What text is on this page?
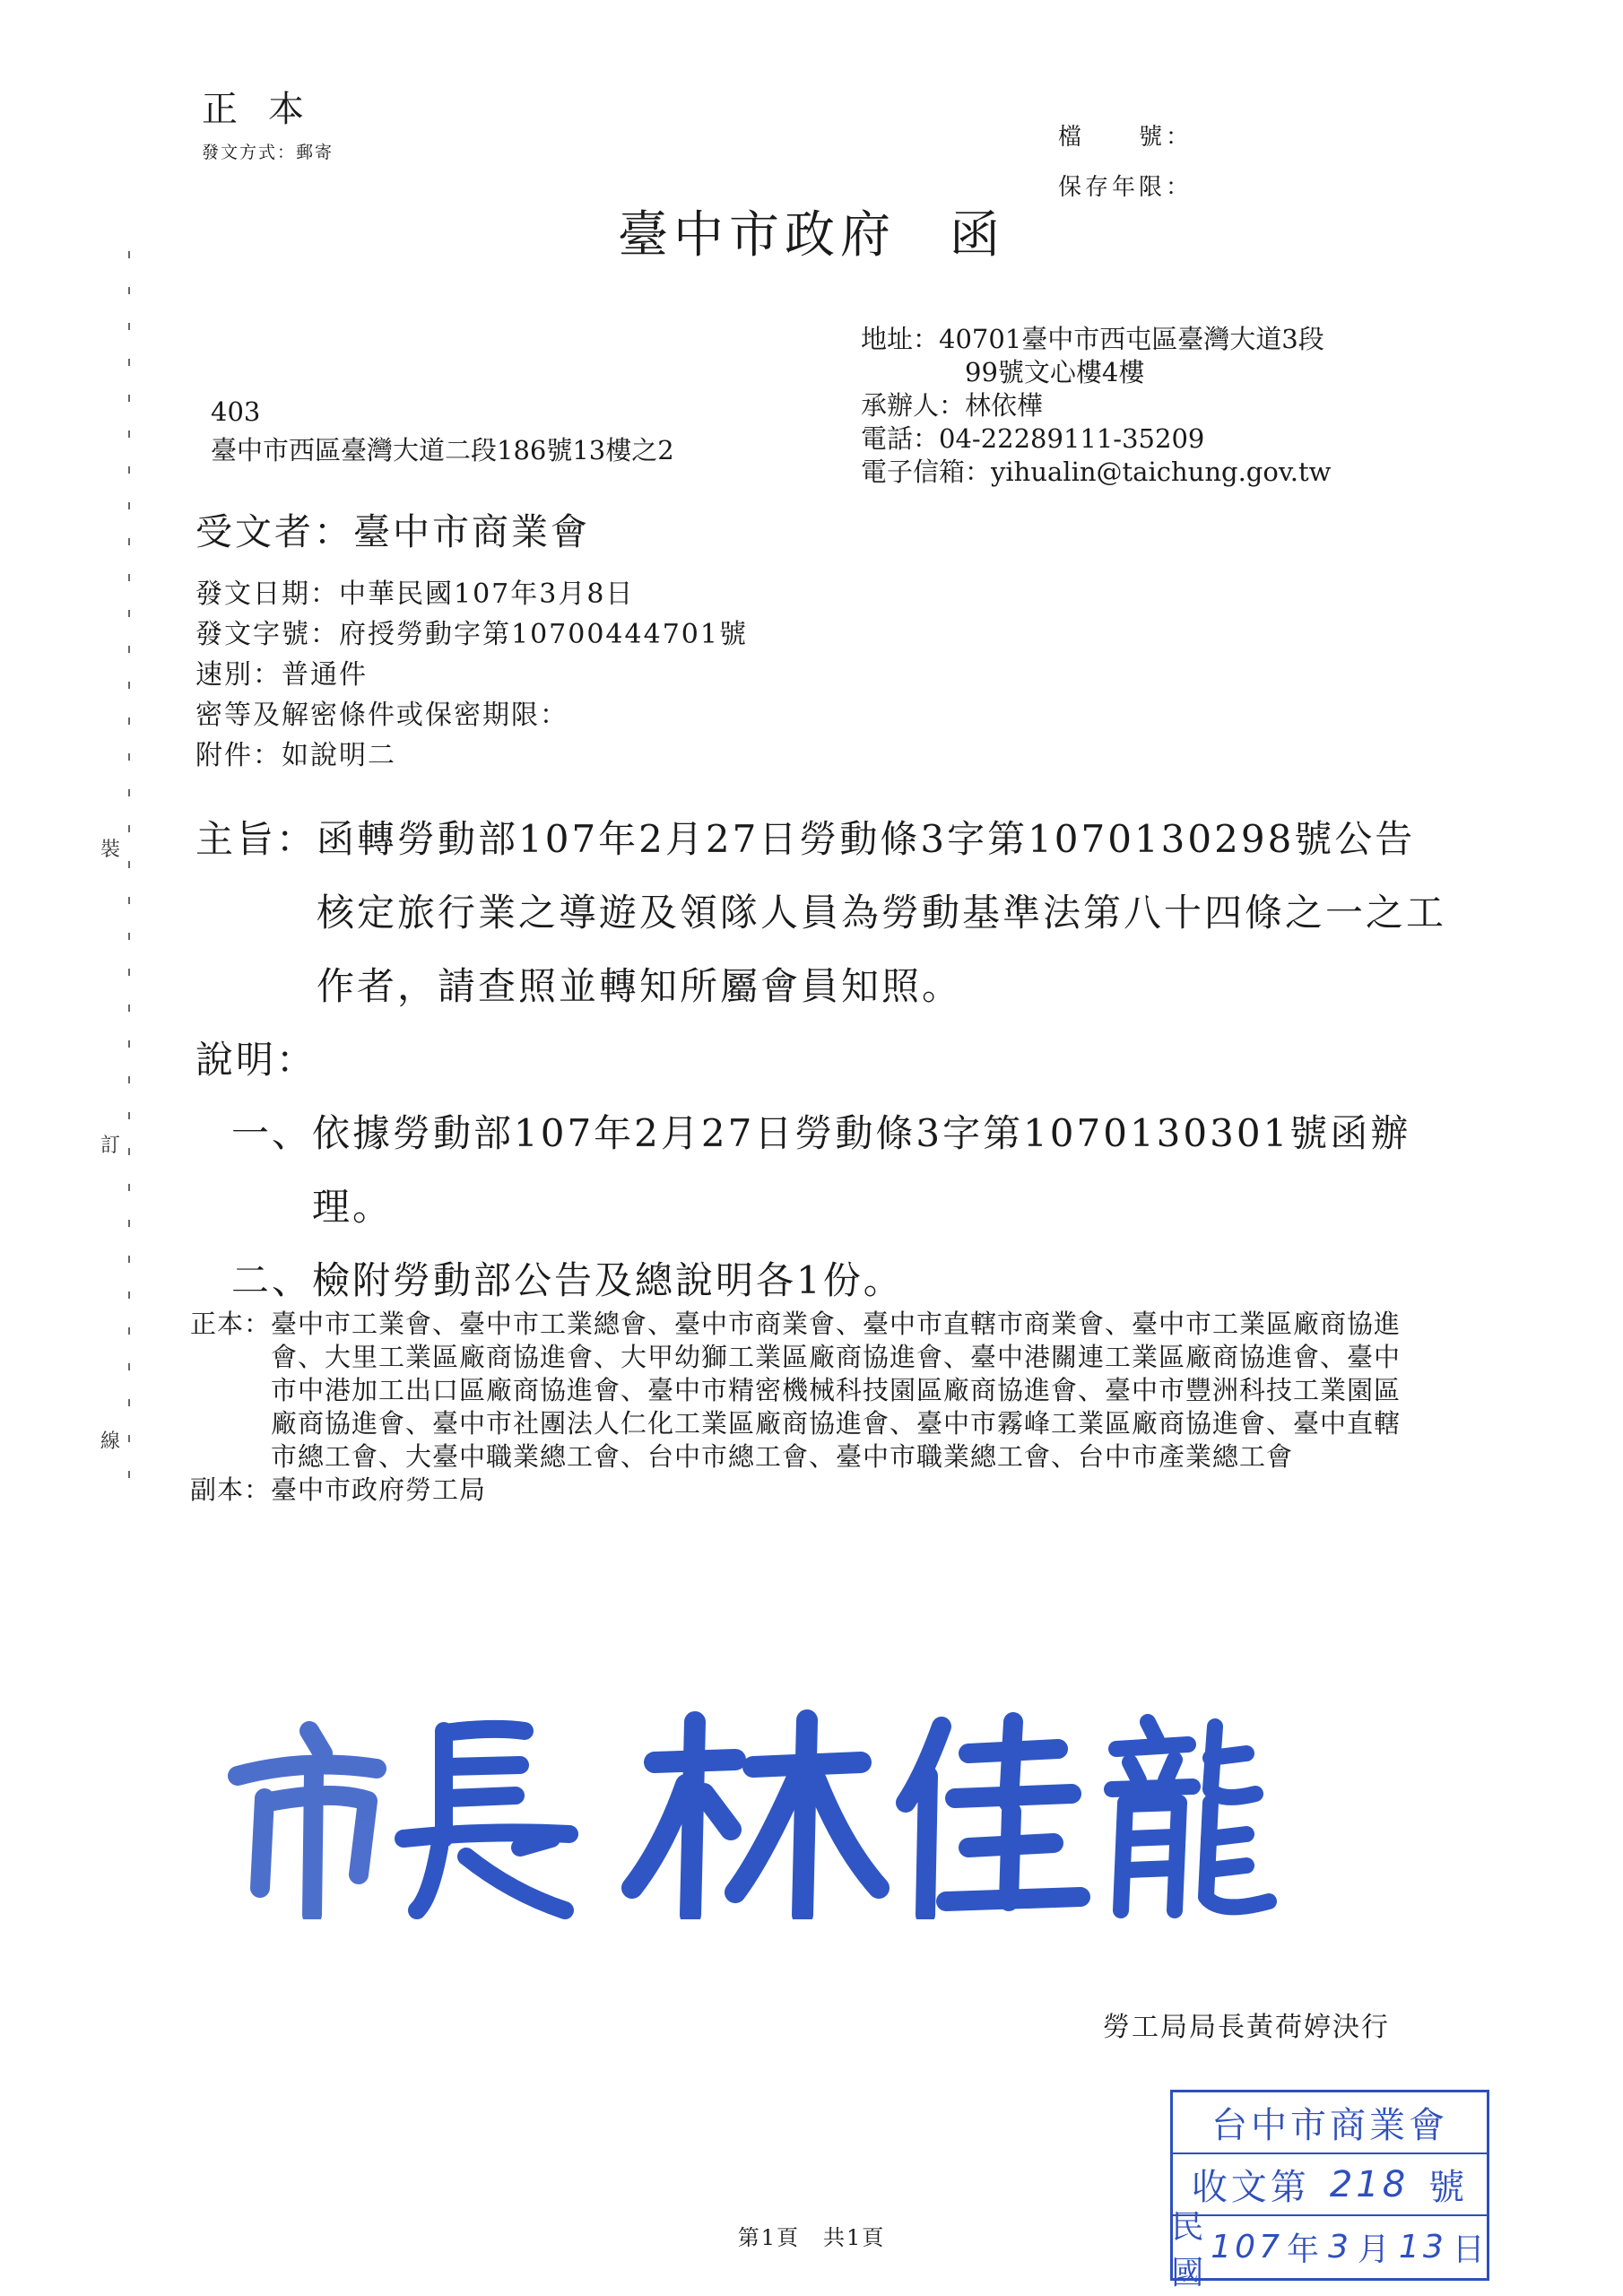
裝
訂
線
正本
發文方式：郵寄
檔　　號：
保存年限：
臺中市政府 函
地址： 40701臺中市西屯區臺灣大道3段
99號文心樓4樓
承辦人：林依樺
電話：04-22289111-35209
電子信箱：yihualin@taichung.gov.tw
403
臺中市西區臺灣大道二段186號13樓之2
受文者：臺中市商業會
發文日期：中華民國107年3月8日
發文字號：府授勞動字第10700444701號
速別：普通件
密等及解密條件或保密期限：
附件：如說明二
主旨： 函轉勞動部107年2月27日勞動條3字第1070130298號公告核定旅行業之導遊及領隊人員為勞動基準法第八十四條之一之工作者，請查照並轉知所屬會員知照。
說明：
一、 依據勞動部107年2月27日勞動條3字第1070130301號函辦理。
二、 檢附勞動部公告及總說明各1份。
正本： 臺中市工業會、臺中市工業總會、臺中市商業會、臺中市直轄市商業會、臺中市工業區廠商協進會、大里工業區廠商協進會、大甲幼獅工業區廠商協進會、臺中港關連工業區廠商協進會、臺中市中港加工出口區廠商協進會、臺中市精密機械科技園區廠商協進會、臺中市豐洲科技工業園區廠商協進會、臺中市社團法人仁化工業區廠商協進會、臺中市霧峰工業區廠商協進會、臺中直轄市總工會、大臺中職業總工會、台中市總工會、臺中市職業總工會、台中市產業總工會
副本： 臺中市政府勞工局
勞工局局長黃荷婷決行
台中市商業會
收文第 218 號
民國
107 年 3 月 13 日
第1頁　共1頁
